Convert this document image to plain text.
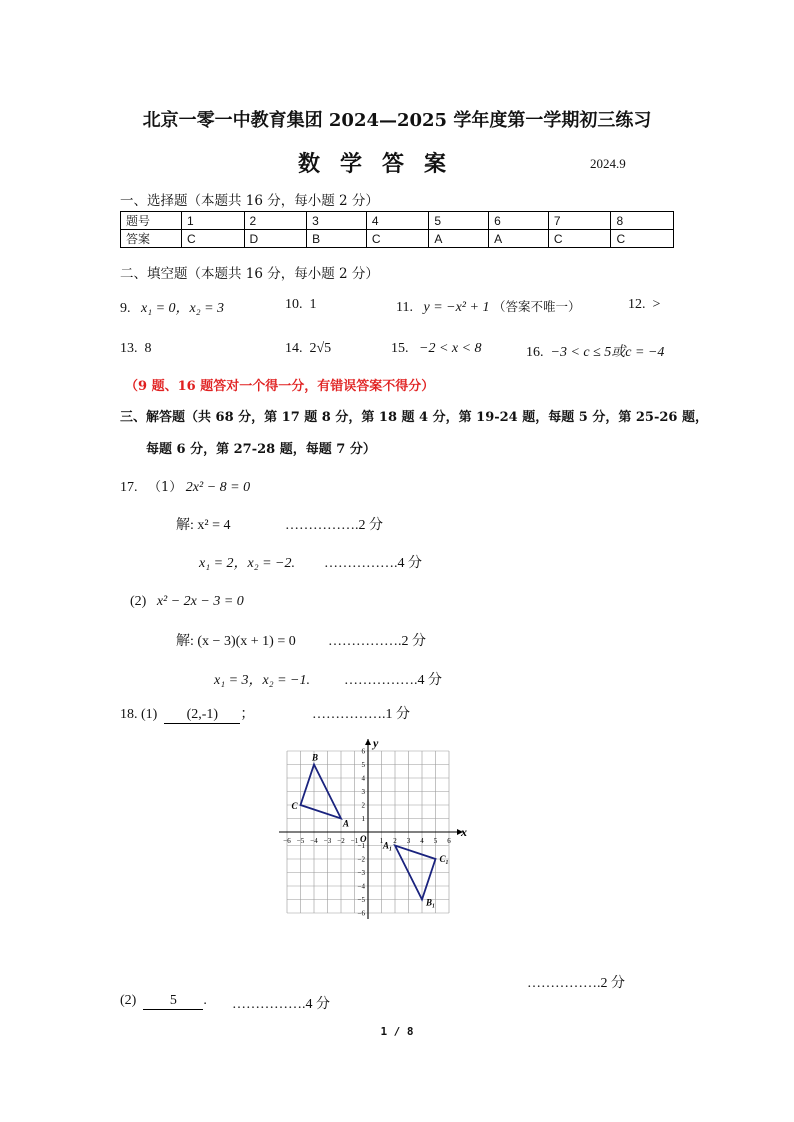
北京一零一中教育集团 2024—2025 学年度第一学期初三练习
数学答案	2024.9
一、选择题（本题共 16 分，每小题 2 分）
题号	1	2	3	4	5	6	7	8
答案	C	D	B	C	A	A	C	C
二、填空题（本题共 16 分，每小题 2 分）
9. x₁ = 0，x₂ = 3	10. 1	11. y = −x² + 1 （答案不唯一）	12. >
13. 8	14. 2√5	15. −2 < x < 8	16. −3 < c ≤ 5或c = −4
（9 题、16 题答对一个得一分，有错误答案不得分）
三、解答题（共 68 分，第 17 题 8 分，第 18 题 4 分，第 19-24 题，每题 5 分，第 25-26 题，
每题 6 分，第 27-28 题，每题 7 分）
17. （1） 2x² − 8 = 0
解: x² = 4	…………….2 分
x₁ = 2，x₂ = −2. …………….4 分
(2) x² − 2x − 3 = 0
解: (x − 3)(x + 1) = 0 …………….2 分
x₁ = 3，x₂ = −1. …………….4 分
18. (1) (2,-1) ；	…………….1 分
x
y
O
−6 −5 −4 −3 −2 −1	1 2 3 4 5 6
6
5
4
3
2
1
−1
−2
−3
−4
−5
−6
A
B
C
A₁
B₁
C₁
…………….2 分
(2) 5 . …………….4 分
1 / 8
